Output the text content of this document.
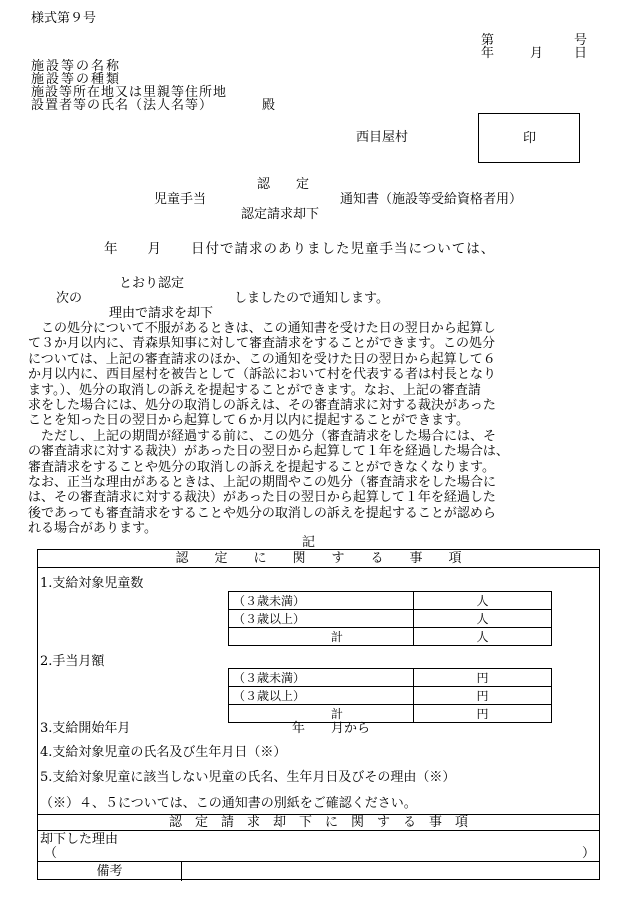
様式第９号
第	号
年	月 日
施設等の名称
施設等の種類
施設等所在地又は里親等住所地
設置者等の氏名（法人名等）	殿
西目屋村	印
認　　定
児童手当	通知書（施設等受給資格者用）
認定請求却下
年　　月　　日付で請求のありました児童手当については、
とおり認定
次の	しましたので通知します。
理由で請求を却下
　この処分について不服があるときは、この通知書を受けた日の翌日から起算し
て３か月以内に、青森県知事に対して審査請求をすることができます。この処分
については、上記の審査請求のほか、この通知を受けた日の翌日から起算して６
か月以内に、西目屋村を被告として（訴訟において村を代表する者は村長となり
ます。）、処分の取消しの訴えを提起することができます。なお、上記の審査請
求をした場合には、処分の取消しの訴えは、その審査請求に対する裁決があった
ことを知った日の翌日から起算して６か月以内に提起することができます。
　ただし、上記の期間が経過する前に、この処分（審査請求をした場合には、そ
の審査請求に対する裁決）があった日の翌日から起算して１年を経過した場合は、
審査請求をすることや処分の取消しの訴えを提起することができなくなります。
なお、正当な理由があるときは、上記の期間やこの処分（審査請求をした場合に
は、その審査請求に対する裁決）があった日の翌日から起算して１年を経過した
後であっても審査請求をすることや処分の取消しの訴えを提起することが認めら
れる場合があります。
記
認　　定　　に　　関　　す　　る　　事　　項
1.支給対象児童数
（３歳未満）	人
（３歳以上）	人
計	人
2.手当月額
（３歳未満）	円
（３歳以上）	円
計	円
3.支給開始年月	年　　月から
4.支給対象児童の氏名及び生年月日（※）
5.支給対象児童に該当しない児童の氏名、生年月日及びその理由（※）
（※）４、５については、この通知書の別紙をご確認ください。
認　定　請　求　却　下　に　関　す　る　事　項
却下した理由
（	）
備考
